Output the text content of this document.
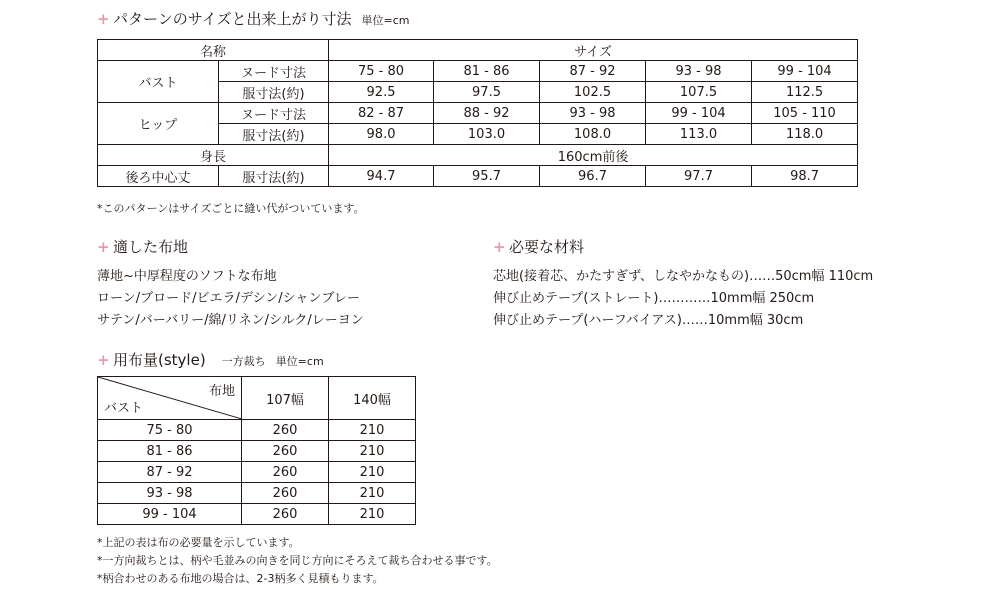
+ パターンのサイズと出来上がり寸法 単位=cm
名称		サイズ				
バスト	ヌード寸法	75 - 80	81 - 86	87 - 92	93 - 98	99 - 104
	服寸法(約)	92.5	97.5	102.5	107.5	112.5
ヒップ	ヌード寸法	82 - 87	88 - 92	93 - 98	99 - 104	105 - 110
	服寸法(約)	98.0	103.0	108.0	113.0	118.0
身長		160cm前後				
後ろ中心丈	服寸法(約)	94.7	95.7	96.7	97.7	98.7
*このパターンはサイズごとに縫い代がついています。
+ 適した布地
薄地~中厚程度のソフトな布地
ローン/ブロード/ビエラ/デシン/シャンブレー
サテン/バーバリー/綿/リネン/シルク/レーヨン
+ 必要な材料
芯地(接着芯、かたすぎず、しなやかなもの)……50cm幅 110cm
伸び止めテープ(ストレート)…………10mm幅 250cm
伸び止めテープ(ハーフバイアス)……10mm幅 30cm
+ 用布量(style) 一方裁ち 単位=cm
布地
バスト	107幅	140幅
75 - 80	260	210
81 - 86	260	210
87 - 92	260	210
93 - 98	260	210
99 - 104	260	210
*上記の表は布の必要量を示しています。
*一方向裁ちとは、柄や毛並みの向きを同じ方向にそろえて裁ち合わせる事です。
*柄合わせのある布地の場合は、2-3柄多く見積もります。
